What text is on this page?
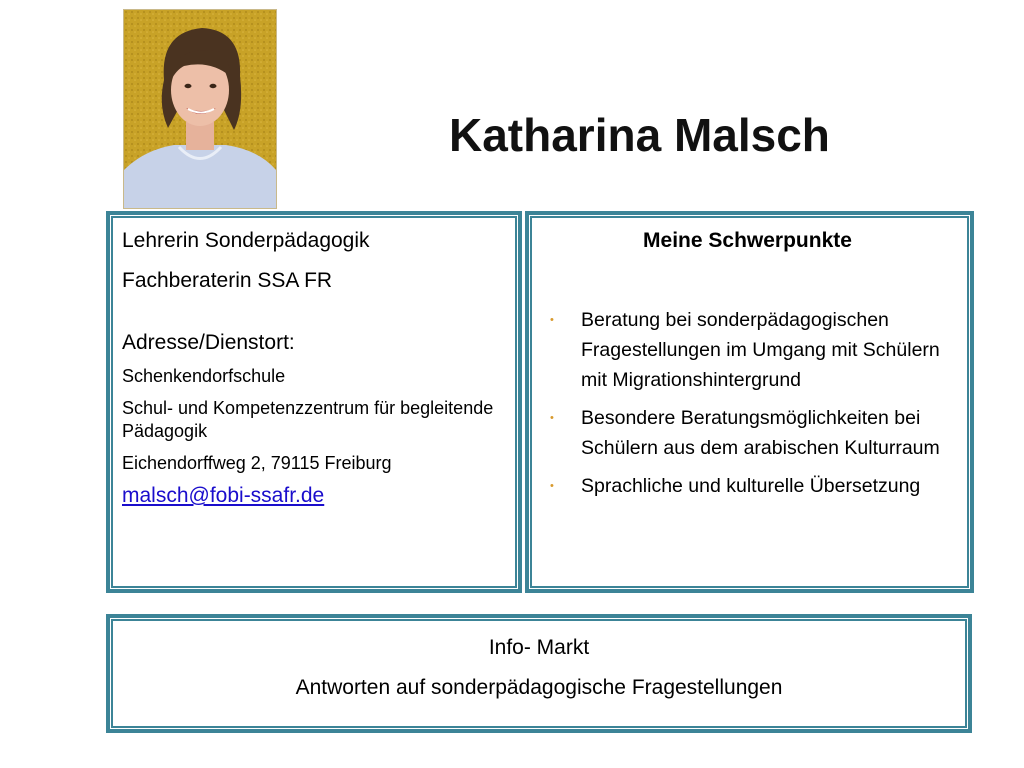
Katharina Malsch

Lehrerin Sonderpädagogik

Fachberaterin SSA FR

Adresse/Dienstort:

Schenkendorfschule

Schul- und Kompetenzzentrum für begleitende Pädagogik

Eichendorffweg 2, 79115 Freiburg

malsch@fobi-ssafr.de

Meine Schwerpunkte

• Beratung bei sonderpädagogischen Fragestellungen im Umgang mit Schülern mit Migrationshintergrund
• Besondere Beratungsmöglichkeiten bei Schülern aus dem arabischen Kulturraum
• Sprachliche und kulturelle Übersetzung

Info- Markt

Antworten auf sonderpädagogische Fragestellungen
